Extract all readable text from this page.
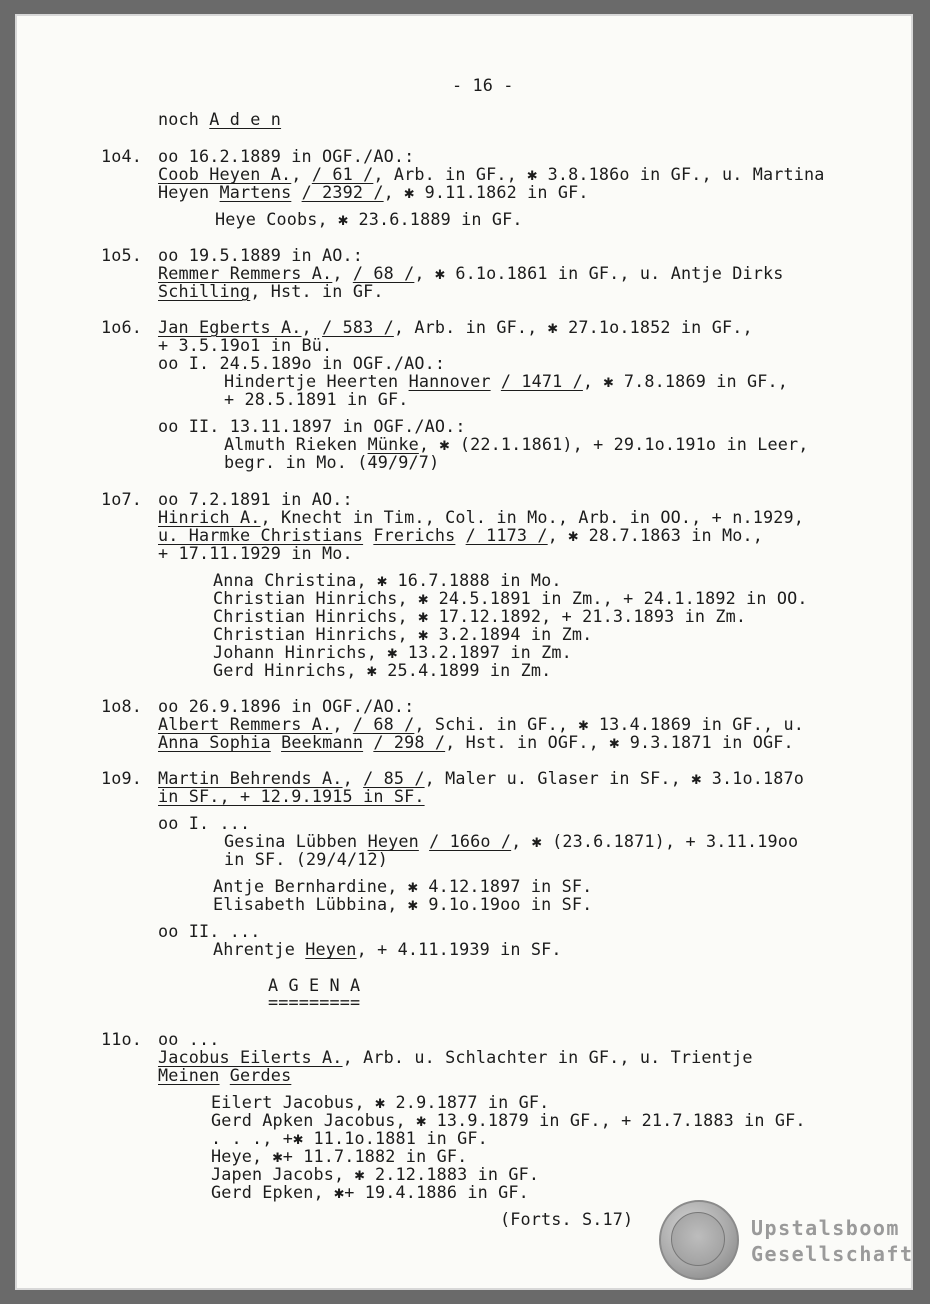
- 16 -
noch A d e n
1o4. oo 16.2.1889 in OGF./AO.:
Coob Heyen A., / 61 /, Arb. in GF., ✱ 3.8.186o in GF., u. Martina
Heyen Martens / 2392 /, ✱ 9.11.1862 in GF.
Heye Coobs, ✱ 23.6.1889 in GF.
1o5. oo 19.5.1889 in AO.:
Remmer Remmers A., / 68 /, ✱ 6.1o.1861 in GF., u. Antje Dirks
Schilling, Hst. in GF.
1o6. Jan Egberts A., / 583 /, Arb. in GF., ✱ 27.1o.1852 in GF.,
+ 3.5.19o1 in Bü.
oo I. 24.5.189o in OGF./AO.:
Hindertje Heerten Hannover / 1471 /, ✱ 7.8.1869 in GF.,
+ 28.5.1891 in GF.
oo II. 13.11.1897 in OGF./AO.:
Almuth Rieken Münke, ✱ (22.1.1861), + 29.1o.191o in Leer,
begr. in Mo. (49/9/7)
1o7. oo 7.2.1891 in AO.:
Hinrich A., Knecht in Tim., Col. in Mo., Arb. in OO., + n.1929,
u. Harmke Christians Frerichs / 1173 /, ✱ 28.7.1863 in Mo.,
+ 17.11.1929 in Mo.
Anna Christina, ✱ 16.7.1888 in Mo.
Christian Hinrichs, ✱ 24.5.1891 in Zm., + 24.1.1892 in OO.
Christian Hinrichs, ✱ 17.12.1892, + 21.3.1893 in Zm.
Christian Hinrichs, ✱ 3.2.1894 in Zm.
Johann Hinrichs, ✱ 13.2.1897 in Zm.
Gerd Hinrichs, ✱ 25.4.1899 in Zm.
1o8. oo 26.9.1896 in OGF./AO.:
Albert Remmers A., / 68 /, Schi. in GF., ✱ 13.4.1869 in GF., u.
Anna Sophia Beekmann / 298 /, Hst. in OGF., ✱ 9.3.1871 in OGF.
1o9. Martin Behrends A., / 85 /, Maler u. Glaser in SF., ✱ 3.1o.187o
in SF., + 12.9.1915 in SF.
oo I. ...
Gesina Lübben Heyen / 166o /, ✱ (23.6.1871), + 3.11.19oo
in SF. (29/4/12)
Antje Bernhardine, ✱ 4.12.1897 in SF.
Elisabeth Lübbina, ✱ 9.1o.19oo in SF.
oo II. ...
Ahrentje Heyen, + 4.11.1939 in SF.
A G E N A
=========
11o. oo ...
Jacobus Eilerts A., Arb. u. Schlachter in GF., u. Trientje
Meinen Gerdes
Eilert Jacobus, ✱ 2.9.1877 in GF.
Gerd Apken Jacobus, ✱ 13.9.1879 in GF., + 21.7.1883 in GF.
. . ., +✱ 11.1o.1881 in GF.
Heye, ✱+ 11.7.1882 in GF.
Japen Jacobs, ✱ 2.12.1883 in GF.
Gerd Epken, ✱+ 19.4.1886 in GF.
(Forts. S.17)	Upstalsboom
Gesellschaft
